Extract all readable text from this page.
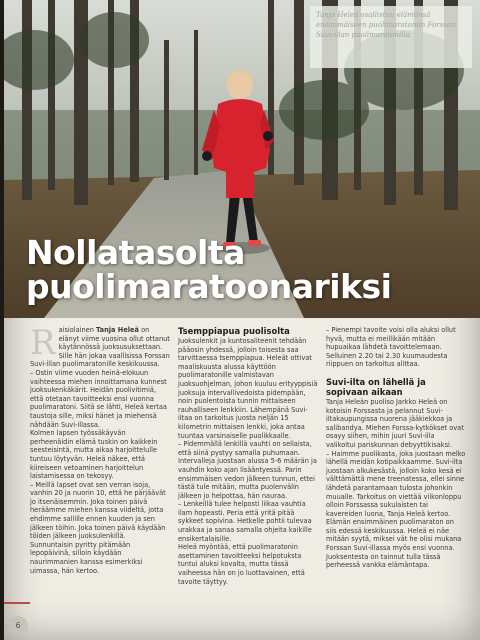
Tanja Heleä osallistuu elämänsä ensimmäiseen puolimaratoniin Forssan Suvi-illan puolimaratonilla.
Nollatasolta
puolimaratoonariksi

Raisiolainen Tanja Heleä on elänyt viime vuosina ollut ottanut käytännössä juoksusuksettaan. Sille hän jokaa vaallisissa Forssan Suvi-illan puolimaratonille keskikuussa.

– Ostin viime vuoden heinä-elokuun vaihteessa miehen innoittamana kunnest juoksukenkäkärit. Heidän puolivitimiä, että otetaan tavoitteeksi ensi vuonna puolimaratoni. Siitä se lähti, Heleä kertaa taustoja sille, miksi hänet ja miehensä nähdään Suvi-illassa.

Kolmen lapsen työssäkäyvän perheenäidin elämä tuskin on kaikkein seesteisintä, mutta aikaa harjoittelulle tuntuu löytyvän. Heleä näkee, että kiireiseen vetoaminen harjoittelun laistamisessa on tekosyy.

– Meillä lapset ovat sen verran isoja, vanhin 20 ja nuorin 10, että he pärjäävät jo itsenäisemmin. Joka toinen päivä heräämme miehen kanssa viideltä, jotta ehdimme sallille ennen kuuden ja sen jälkeen töihin. Joka toinen päivä käydään töiden jälkeen juoksulenkillä. Sunnuntaisin pyritty pitämään lepopäivinä, silloin käydään naurimmanien kanssa esimerkiksi uimassa, hän kertoo.

Tsemppiapua puolisolta

Juoksulenkit ja kuntosaliteenit tehdään pääosin yhdessä, jolloin toisesta saa tarvittaessa tsemppiapua. Heleät ottivat maaliskuusta alussa käyttöön puolimaratonille valmistavan juoksuohjelman, johon kuuluu erityyppisiä juoksuja intervallivedoista pidempään, noin puolentoista tunnin mittaiseen rauhalliseen lenkkiin. Lähempänä Suvi-iltaa on tarkoitus juosta neljän 15 kilometrin mittaisen lenkki, joka antaa tuuntaa varsinaiselle puolikkaalle.

– Pidemmällä lenkillä vauhti on sellaista, että siinä pystyy samalla puhumaan. Intervalleja juostaan alussa 5-6 määrän ja vauhdin koko ajan lisääntyessä. Parin ensimmäisen vedon jälkeen tunnun, ettei tästä tule mitään, mutta puolenvälin jälkeen jo helpottaa, hän nauraa.

– Lenkeillä tulee helposti liikaa vauhtia ilam hopeasti. Peria että yritä pitää sykkeet sopivina. Hetkelle pohtii tulevaa urakkaa ja sanaa samalla ohjeita kaikille ensikertalaisille.

Heleä myöntää, että puolimaratonin asettaminen tavoitteeksi helpotuksta tuntui aluksi kovalta, mutta tässä vaiheessa hän on jo luottavainen, että tavoite täyttyy.

– Pienempi tavoite voisi olla aluksi ollut hyvä, mutta ei meillikään mitään hupuaikaa lähdetä tavoittelemaan. Selluinen 2.20 tai 2.30 kuumaudesta riippuen on tarkoitus alittaa.

Suvi-ilta on lähellä ja sopivaan aikaan

Tanja Heleän puoliso Jarkko Heleä on kotoisin Forssasta ja pelannut Suvi-iltakaupungissa nuorena jääkiekkoa ja salibandya. Miehen Forssa-kytkökset ovat osayy siihen, mihin juuri Suvi-illa valikoitui pariskunnan debyyttikisaksi.

– Haimme puolikasta, joka juostaan melko lähellä meidän kotipaikkaamme. Suvi-ilta juostaan alkukesästä, jolloin koko kesä ei välttämättä mene treenatessa, ellei sinne lähdetä parantamaan tulosta johonkin muualle. Tarkoitus on viettää viikonloppu olloin Forssassa sukulaisten tai kavereiden luona, Tanja Heleä kertoo.

Elämän ensimmäinen puolimaraton on siis edessä keskikuussa. Heleä ei näe mitään syytä, miksei vät he olisi mukana Forssan Suvi-illassa myös ensi vuonna. Juoksentesta on tainnut tulla tässä perheessä vankka elämäntapa.

6
